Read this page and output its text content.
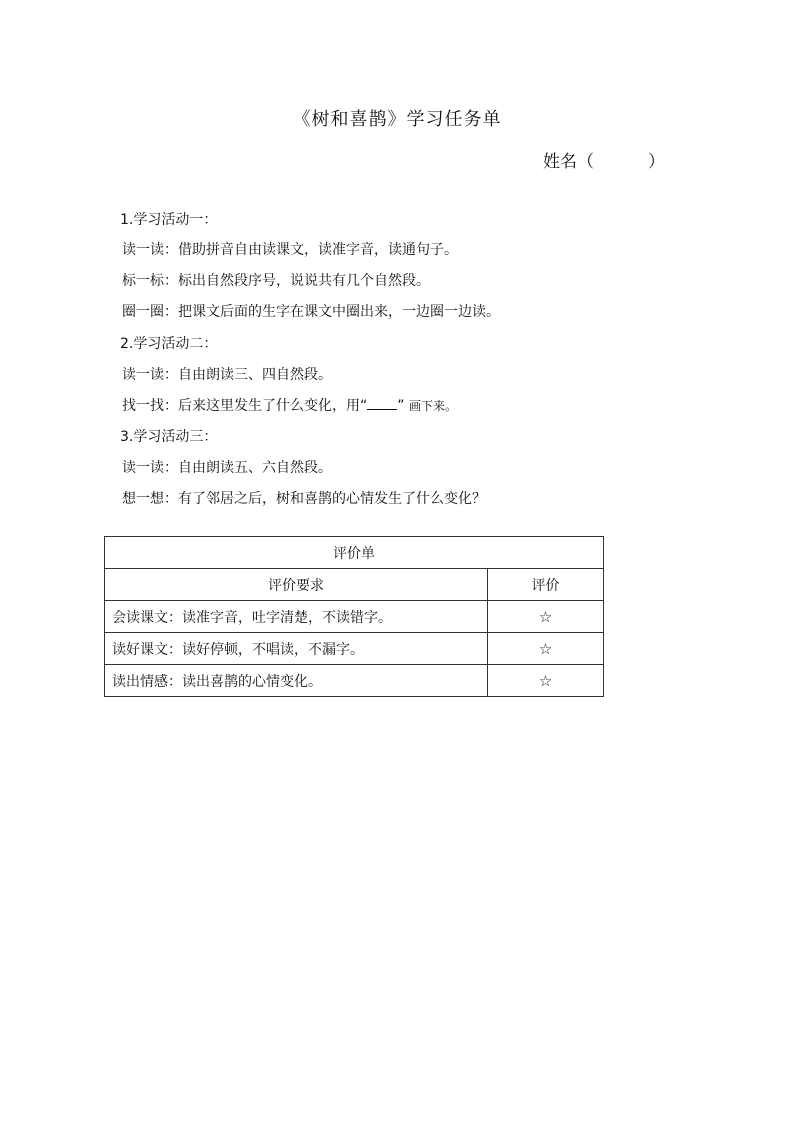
《树和喜鹊》学习任务单
姓名（          ）
1.学习活动一：
读一读：借助拼音自由读课文，读准字音，读通句子。
标一标：标出自然段序号，说说共有几个自然段。
圈一圈：把课文后面的生字在课文中圈出来，一边圈一边读。
2.学习活动二：
读一读：自由朗读三、四自然段。
找一找：后来这里发生了什么变化，用“ ” 画下来。
3.学习活动三：
读一读：自由朗读五、六自然段。
想一想：有了邻居之后，树和喜鹊的心情发生了什么变化？
评价单	
评价要求	评价
会读课文：读准字音，吐字清楚，不读错字。	☆
读好课文：读好停顿，不唱读，不漏字。	☆
读出情感：读出喜鹊的心情变化。	☆
